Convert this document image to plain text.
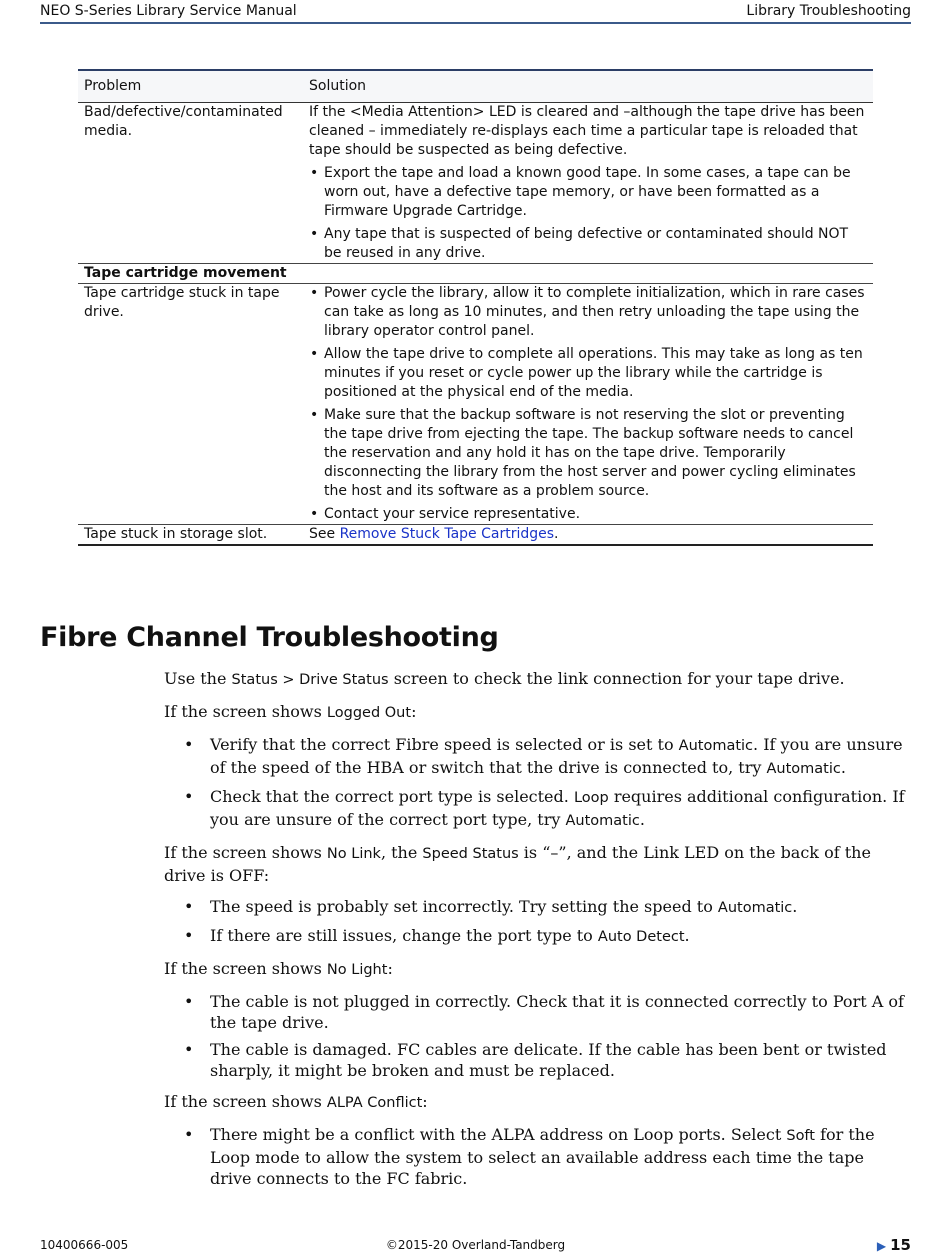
NEO S-Series Library Service Manual	Library Troubleshooting
Problem	Solution
Bad/defective/contaminated media.	If the <Media Attention> LED is cleared and –although the tape drive has been cleaned – immediately re-displays each time a particular tape is reloaded that tape should be suspected as being defective.
• Export the tape and load a known good tape. In some cases, a tape can be worn out, have a defective tape memory, or have been formatted as a Firmware Upgrade Cartridge.
• Any tape that is suspected of being defective or contaminated should NOT be reused in any drive.

Tape cartridge movement	
Tape cartridge stuck in tape drive.	• Power cycle the library, allow it to complete initialization, which in rare cases can take as long as 10 minutes, and then retry unloading the tape using the library operator control panel.
• Allow the tape drive to complete all operations. This may take as long as ten minutes if you reset or cycle power up the library while the cartridge is positioned at the physical end of the media.
• Make sure that the backup software is not reserving the slot or preventing the tape drive from ejecting the tape. The backup software needs to cancel the reservation and any hold it has on the tape drive. Temporarily disconnecting the library from the host server and power cycling eliminates the host and its software as a problem source.
• Contact your service representative.

Tape stuck in storage slot.	See Remove Stuck Tape Cartridges.
Fibre Channel Troubleshooting

Use the Status > Drive Status screen to check the link connection for your tape drive.

If the screen shows Logged Out:

• Verify that the correct Fibre speed is selected or is set to Automatic. If you are unsure of the speed of the HBA or switch that the drive is connected to, try Automatic.
• Check that the correct port type is selected. Loop requires additional configuration. If you are unsure of the correct port type, try Automatic.

If the screen shows No Link, the Speed Status is “–”, and the Link LED on the back of the drive is OFF:

• The speed is probably set incorrectly. Try setting the speed to Automatic.
• If there are still issues, change the port type to Auto Detect.

If the screen shows No Light:

• The cable is not plugged in correctly. Check that it is connected correctly to Port A of the tape drive.
• The cable is damaged. FC cables are delicate. If the cable has been bent or twisted sharply, it might be broken and must be replaced.

If the screen shows ALPA Conflict:

• There might be a conflict with the ALPA address on Loop ports. Select Soft for the Loop mode to allow the system to select an available address each time the tape drive connects to the FC fabric.
10400666-005	©2015-20 Overland-Tandberg	▶ 15
